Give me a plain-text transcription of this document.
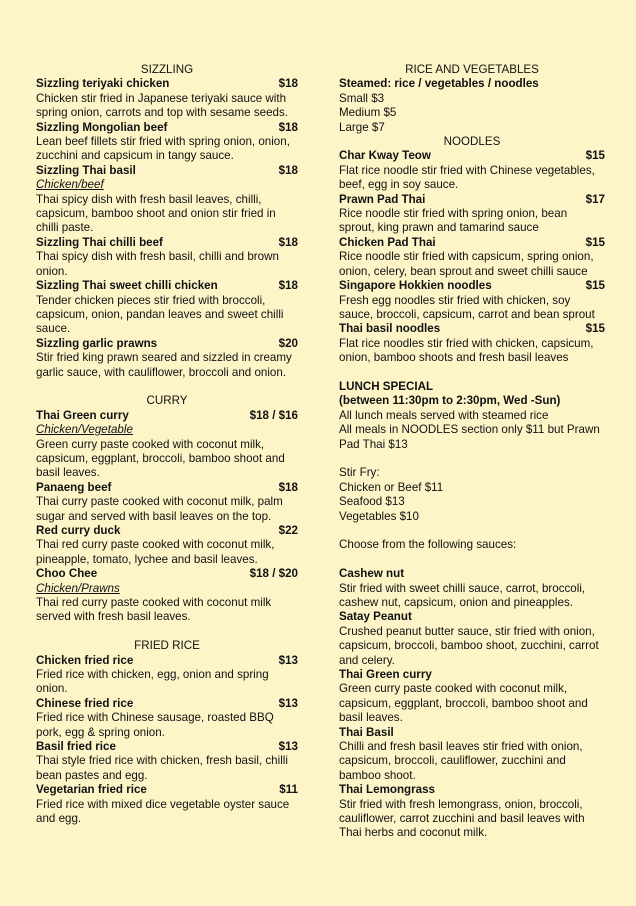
SIZZLING

Sizzling teriyaki chicken	$18

Chicken stir fried in Japanese teriyaki sauce with spring onion, carrots and top with sesame seeds.

Sizzling Mongolian beef	$18

Lean beef fillets stir fried with spring onion, onion, zucchini and capsicum in tangy sauce.

Sizzling Thai basil	$18

Chicken/beef

Thai spicy dish with fresh basil leaves, chilli, capsicum, bamboo shoot and onion stir fried in chilli paste.

Sizzling Thai chilli beef	$18

Thai spicy dish with fresh basil, chilli and brown onion.

Sizzling Thai sweet chilli chicken	$18

Tender chicken pieces stir fried with broccoli, capsicum, onion, pandan leaves and sweet chilli sauce.

Sizzling garlic prawns	$20

Stir fried king prawn seared and sizzled in creamy garlic sauce, with cauliflower, broccoli and onion.

CURRY

Thai Green curry	$18 / $16

Chicken/Vegetable

Green curry paste cooked with coconut milk, capsicum, eggplant, broccoli, bamboo shoot and basil leaves.

Panaeng beef	$18

Thai curry paste cooked with coconut milk, palm sugar and served with basil leaves on the top.

Red curry duck	$22

Thai red curry paste cooked with coconut milk, pineapple, tomato, lychee and basil leaves.

Choo Chee	$18 / $20

Chicken/Prawns

Thai red curry paste cooked with coconut milk served with fresh basil leaves.

FRIED RICE

Chicken fried rice	$13

Fried rice with chicken, egg, onion and spring onion.

Chinese fried rice	$13

Fried rice with Chinese sausage, roasted BBQ pork, egg & spring onion.

Basil fried rice	$13

Thai style fried rice with chicken, fresh basil, chilli bean pastes and egg.

Vegetarian fried rice	$11

Fried rice with mixed dice vegetable oyster sauce and egg.

RICE AND VEGETABLES

Steamed: rice / vegetables / noodles

Small $3

Medium $5

Large $7

NOODLES

Char Kway Teow	$15

Flat rice noodle stir fried with Chinese vegetables, beef, egg in soy sauce.

Prawn Pad Thai	$17

Rice noodle stir fried with spring onion, bean sprout, king prawn and tamarind sauce

Chicken Pad Thai	$15

Rice noodle stir fried with capsicum, spring onion, onion, celery, bean sprout and sweet chilli sauce

Singapore Hokkien noodles	$15

Fresh egg noodles stir fried with chicken, soy sauce, broccoli, capsicum, carrot and bean sprout

Thai basil noodles	$15

Flat rice noodles stir fried with chicken, capsicum, onion, bamboo shoots and fresh basil leaves

LUNCH SPECIAL

(between 11:30pm to 2:30pm, Wed -Sun)

All lunch meals served with steamed rice

All meals in NOODLES section only $11 but Prawn Pad Thai $13

Stir Fry:

Chicken or Beef $11

Seafood $13

Vegetables $10

Choose from the following sauces:

Cashew nut

Stir fried with sweet chilli sauce, carrot, broccoli, cashew nut, capsicum, onion and pineapples.

Satay Peanut

Crushed peanut butter sauce, stir fried with onion, capsicum, broccoli, bamboo shoot, zucchini, carrot and celery.

Thai Green curry

Green curry paste cooked with coconut milk, capsicum, eggplant, broccoli, bamboo shoot and basil leaves.

Thai Basil

Chilli and fresh basil leaves stir fried with onion, capsicum, broccoli, cauliflower, zucchini and bamboo shoot.

Thai Lemongrass

Stir fried with fresh lemongrass, onion, broccoli, cauliflower, carrot zucchini and basil leaves with Thai herbs and coconut milk.
